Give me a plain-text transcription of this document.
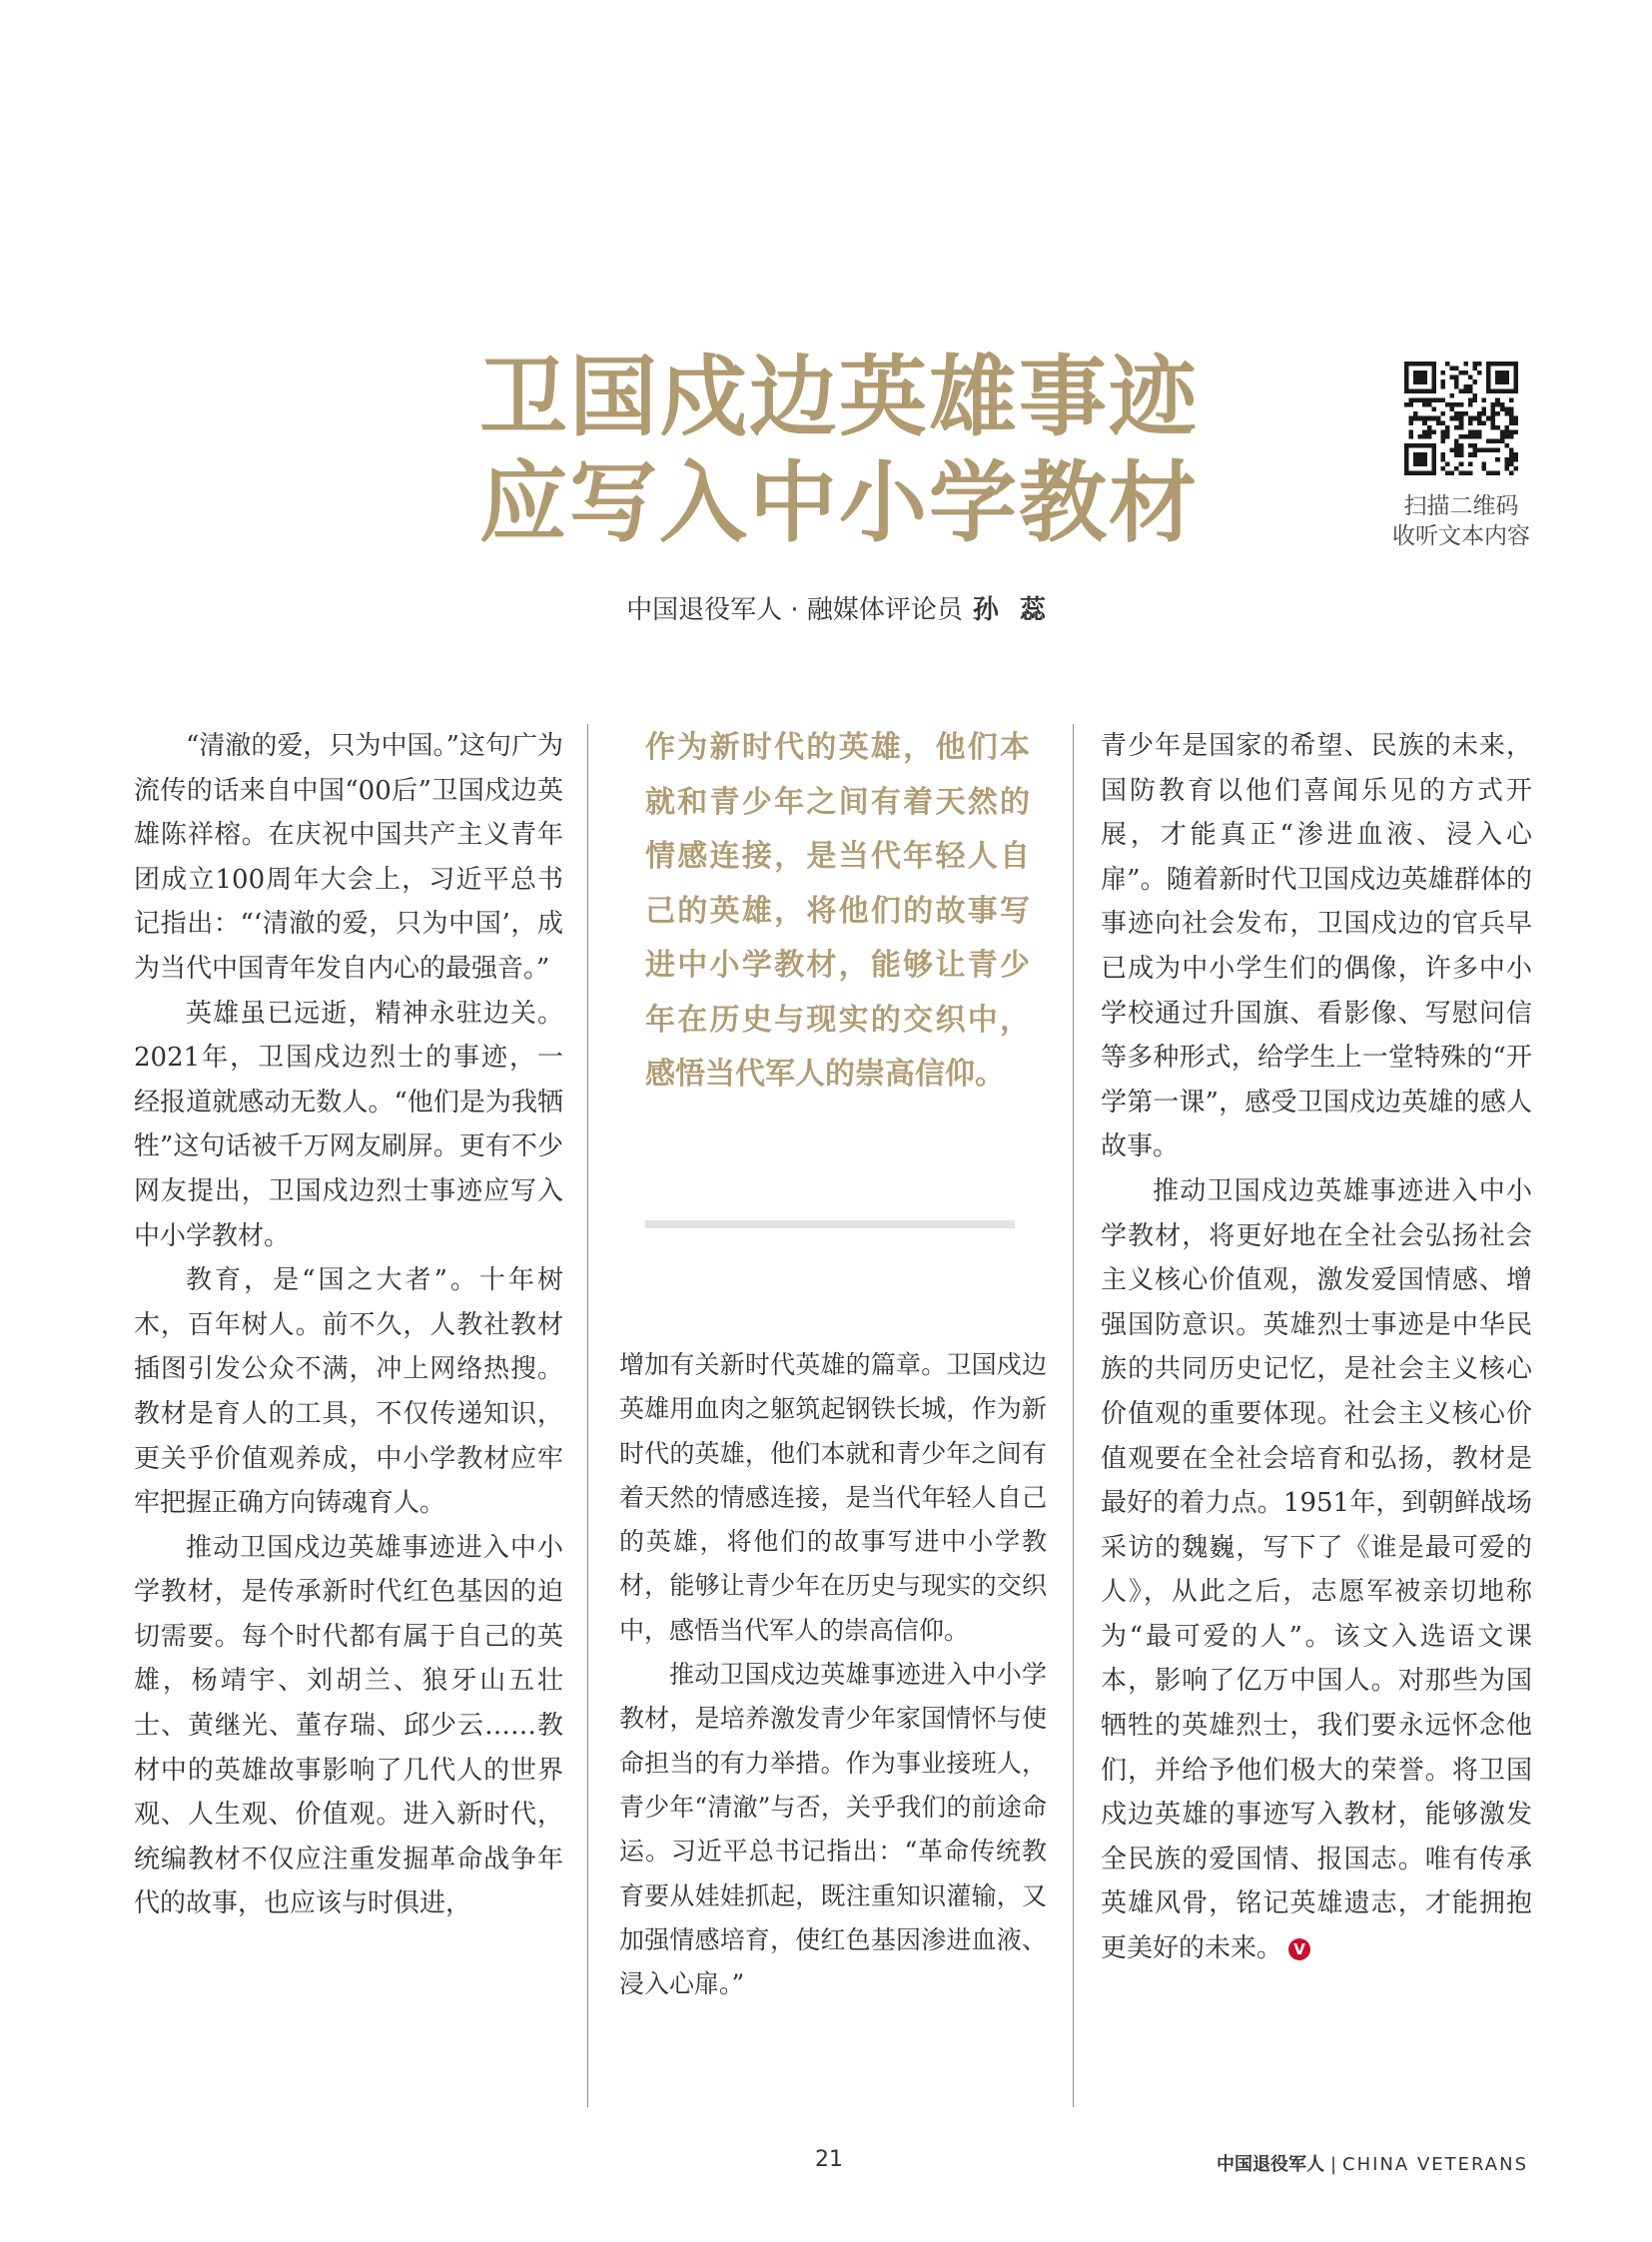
卫国戍边英雄事迹
应写入中小学教材	扫描二维码
收听文本内容
中国退役军人 · 融媒体评论员 孙 蕊

“清澈的爱，只为中国。”这句广为流传的话来自中国“00后”卫国戍边英雄陈祥榕。在庆祝中国共产主义青年团成立100周年大会上，习近平总书记指出：“‘清澈的爱，只为中国’，成为当代中国青年发自内心的最强音。”

英雄虽已远逝，精神永驻边关。2021年，卫国戍边烈士的事迹，一经报道就感动无数人。“他们是为我牺牲”这句话被千万网友刷屏。更有不少网友提出，卫国戍边烈士事迹应写入中小学教材。

教育，是“国之大者”。十年树木，百年树人。前不久，人教社教材插图引发公众不满，冲上网络热搜。教材是育人的工具，不仅传递知识，更关乎价值观养成，中小学教材应牢牢把握正确方向铸魂育人。

推动卫国戍边英雄事迹进入中小学教材，是传承新时代红色基因的迫切需要。每个时代都有属于自己的英雄，杨靖宇、刘胡兰、狼牙山五壮士、黄继光、董存瑞、邱少云……教材中的英雄故事影响了几代人的世界观、人生观、价值观。进入新时代，统编教材不仅应注重发掘革命战争年代的故事，也应该与时俱进，

作为新时代的英雄，他们本就和青少年之间有着天然的情感连接，是当代年轻人自己的英雄，将他们的故事写进中小学教材，能够让青少年在历史与现实的交织中，感悟当代军人的崇高信仰。

增加有关新时代英雄的篇章。卫国戍边英雄用血肉之躯筑起钢铁长城，作为新时代的英雄，他们本就和青少年之间有着天然的情感连接，是当代年轻人自己的英雄，将他们的故事写进中小学教材，能够让青少年在历史与现实的交织中，感悟当代军人的崇高信仰。

推动卫国戍边英雄事迹进入中小学教材，是培养激发青少年家国情怀与使命担当的有力举措。作为事业接班人，青少年“清澈”与否，关乎我们的前途命运。习近平总书记指出：“革命传统教育要从娃娃抓起，既注重知识灌输，又加强情感培育，使红色基因渗进血液、浸入心扉。”

青少年是国家的希望、民族的未来，国防教育以他们喜闻乐见的方式开展，才能真正“渗进血液、浸入心扉”。随着新时代卫国戍边英雄群体的事迹向社会发布，卫国戍边的官兵早已成为中小学生们的偶像，许多中小学校通过升国旗、看影像、写慰问信等多种形式，给学生上一堂特殊的“开学第一课”，感受卫国戍边英雄的感人故事。

推动卫国戍边英雄事迹进入中小学教材，将更好地在全社会弘扬社会主义核心价值观，激发爱国情感、增强国防意识。英雄烈士事迹是中华民族的共同历史记忆，是社会主义核心价值观的重要体现。社会主义核心价值观要在全社会培育和弘扬，教材是最好的着力点。1951年，到朝鲜战场采访的魏巍，写下了《谁是最可爱的人》，从此之后，志愿军被亲切地称为“最可爱的人”。该文入选语文课本，影响了亿万中国人。对那些为国牺牲的英雄烈士，我们要永远怀念他们，并给予他们极大的荣誉。将卫国戍边英雄的事迹写入教材，能够激发全民族的爱国情、报国志。唯有传承英雄风骨，铭记英雄遗志，才能拥抱更美好的未来。 V

21	中国退役军人 | CHINA VETERANS
